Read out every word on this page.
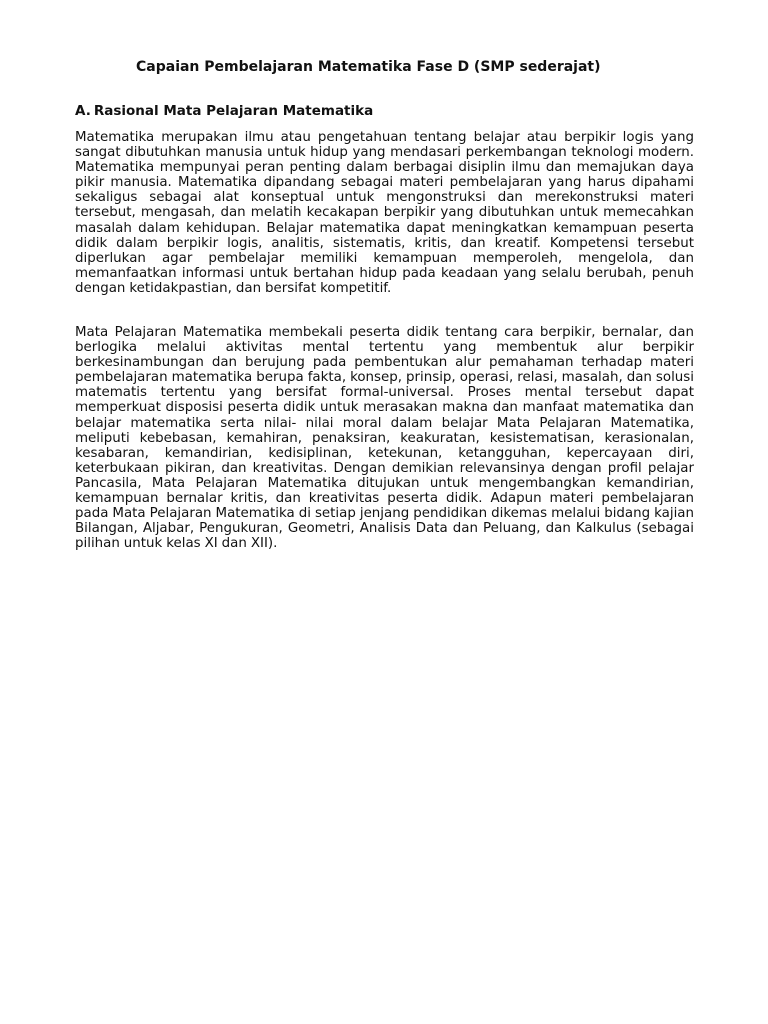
Capaian Pembelajaran Matematika Fase D (SMP sederajat)
A. Rasional Mata Pelajaran Matematika

Matematika merupakan ilmu atau pengetahuan tentang belajar atau berpikir logis yang sangat dibutuhkan manusia untuk hidup yang mendasari perkembangan teknologi modern. Matematika mempunyai peran penting dalam berbagai disiplin ilmu dan memajukan daya pikir manusia. Matematika dipandang sebagai materi pembelajaran yang harus dipahami sekaligus sebagai alat konseptual untuk mengonstruksi dan merekonstruksi materi tersebut, mengasah, dan melatih kecakapan berpikir yang dibutuhkan untuk memecahkan masalah dalam kehidupan. Belajar matematika dapat meningkatkan kemampuan peserta didik dalam berpikir logis, analitis, sistematis, kritis, dan kreatif. Kompetensi tersebut diperlukan agar pembelajar memiliki kemampuan memperoleh, mengelola, dan memanfaatkan informasi untuk bertahan hidup pada keadaan yang selalu berubah, penuh dengan ketidakpastian, dan bersifat kompetitif.

Mata Pelajaran Matematika membekali peserta didik tentang cara berpikir, bernalar, dan berlogika melalui aktivitas mental tertentu yang membentuk alur berpikir berkesinambungan dan berujung pada pembentukan alur pemahaman terhadap materi pembelajaran matematika berupa fakta, konsep, prinsip, operasi, relasi, masalah, dan solusi matematis tertentu yang bersifat formal-universal. Proses mental tersebut dapat memperkuat disposisi peserta didik untuk merasakan makna dan manfaat matematika dan belajar matematika serta nilai- nilai moral dalam belajar Mata Pelajaran Matematika, meliputi kebebasan, kemahiran, penaksiran, keakuratan, kesistematisan, kerasionalan, kesabaran, kemandirian, kedisiplinan, ketekunan, ketangguhan, kepercayaan diri, keterbukaan pikiran, dan kreativitas. Dengan demikian relevansinya dengan profil pelajar Pancasila, Mata Pelajaran Matematika ditujukan untuk mengembangkan kemandirian, kemampuan bernalar kritis, dan kreativitas peserta didik. Adapun materi pembelajaran pada Mata Pelajaran Matematika di setiap jenjang pendidikan dikemas melalui bidang kajian Bilangan, Aljabar, Pengukuran, Geometri, Analisis Data dan Peluang, dan Kalkulus (sebagai pilihan untuk kelas XI dan XII).
